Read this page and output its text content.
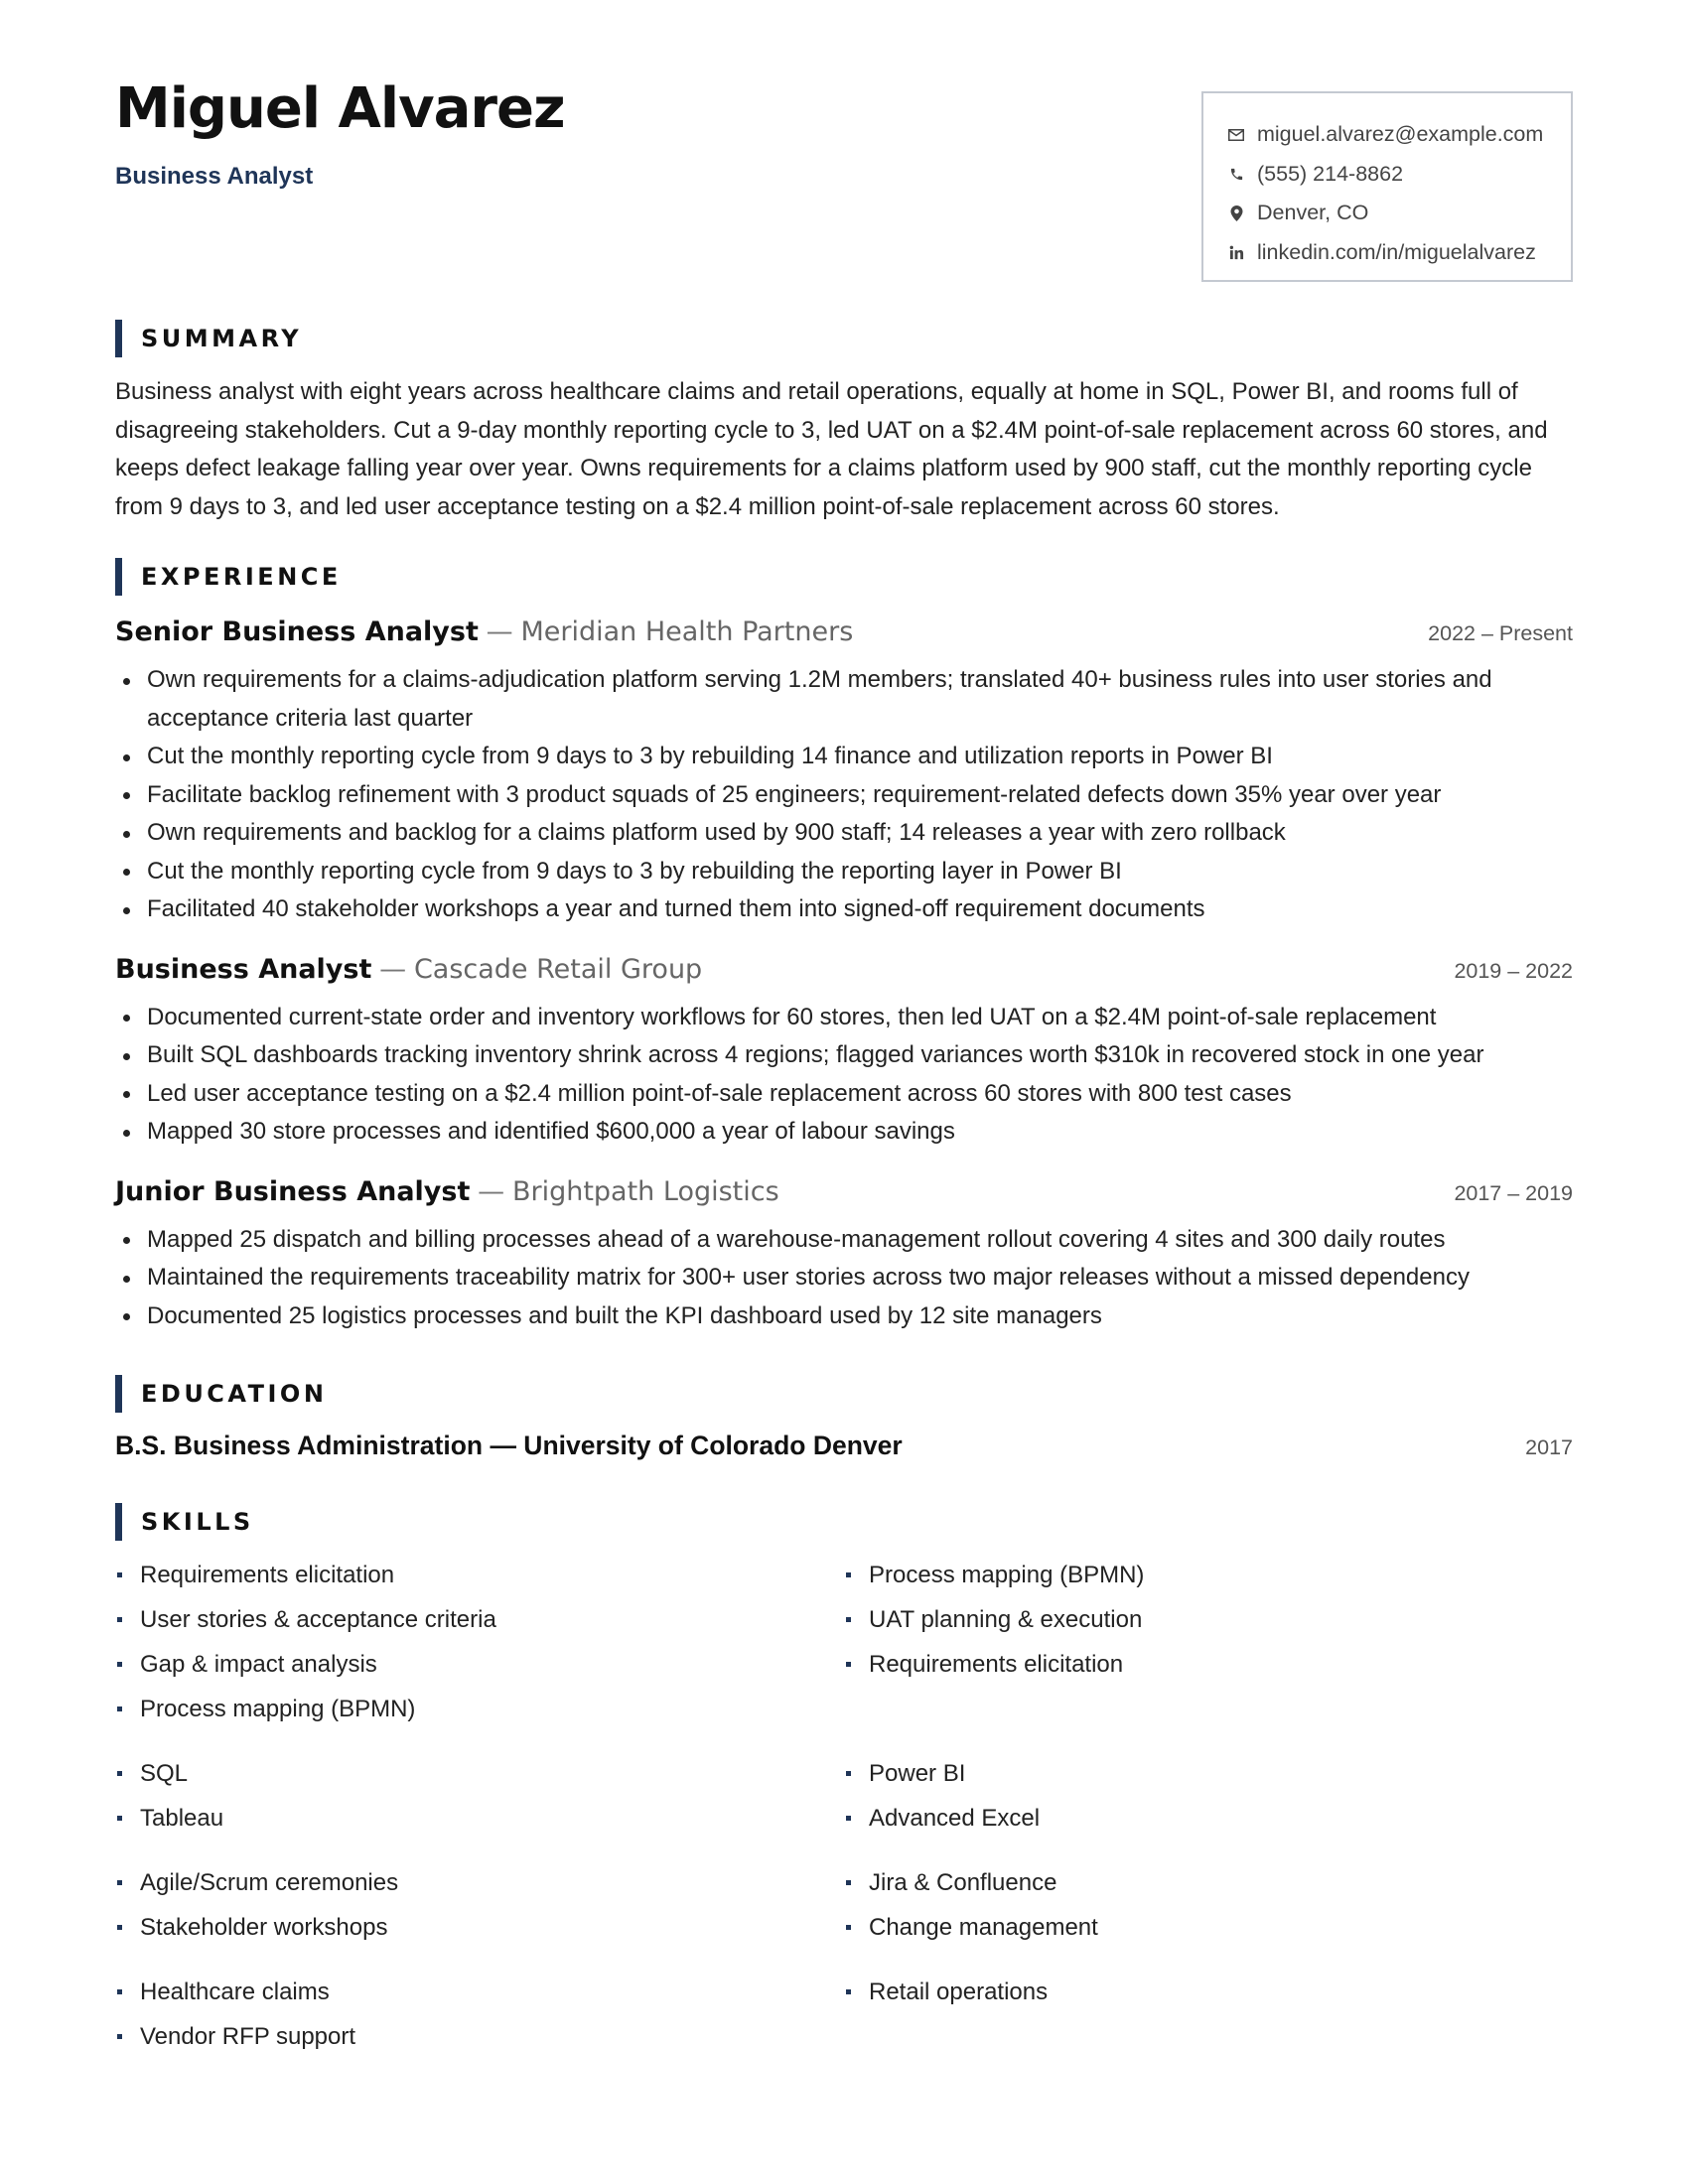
Miguel Alvarez
Business Analyst
miguel.alvarez@example.com
(555) 214-8862
Denver, CO
linkedin.com/in/miguelalvarez
SUMMARY

Business analyst with eight years across healthcare claims and retail operations, equally at home in SQL, Power BI, and rooms full of disagreeing stakeholders. Cut a 9-day monthly reporting cycle to 3, led UAT on a $2.4M point-of-sale replacement across 60 stores, and keeps defect leakage falling year over year. Owns requirements for a claims platform used by 900 staff, cut the monthly reporting cycle from 9 days to 3, and led user acceptance testing on a $2.4 million point-of-sale replacement across 60 stores.

EXPERIENCE
Senior Business Analyst — Meridian Health Partners	2022 – Present
Own requirements for a claims-adjudication platform serving 1.2M members; translated 40+ business rules into user stories and acceptance criteria last quarter
Cut the monthly reporting cycle from 9 days to 3 by rebuilding 14 finance and utilization reports in Power BI
Facilitate backlog refinement with 3 product squads of 25 engineers; requirement-related defects down 35% year over year
Own requirements and backlog for a claims platform used by 900 staff; 14 releases a year with zero rollback
Cut the monthly reporting cycle from 9 days to 3 by rebuilding the reporting layer in Power BI
Facilitated 40 stakeholder workshops a year and turned them into signed-off requirement documents
Business Analyst — Cascade Retail Group	2019 – 2022
Documented current-state order and inventory workflows for 60 stores, then led UAT on a $2.4M point-of-sale replacement
Built SQL dashboards tracking inventory shrink across 4 regions; flagged variances worth $310k in recovered stock in one year
Led user acceptance testing on a $2.4 million point-of-sale replacement across 60 stores with 800 test cases
Mapped 30 store processes and identified $600,000 a year of labour savings
Junior Business Analyst — Brightpath Logistics	2017 – 2019
Mapped 25 dispatch and billing processes ahead of a warehouse-management rollout covering 4 sites and 300 daily routes
Maintained the requirements traceability matrix for 300+ user stories across two major releases without a missed dependency
Documented 25 logistics processes and built the KPI dashboard used by 12 site managers
EDUCATION
B.S. Business Administration — University of Colorado Denver	2017
SKILLS
Requirements elicitation
User stories & acceptance criteria
Gap & impact analysis
Process mapping (BPMN)
Process mapping (BPMN)
UAT planning & execution
Requirements elicitation
SQL
Tableau
Power BI
Advanced Excel
Agile/Scrum ceremonies
Stakeholder workshops
Jira & Confluence
Change management
Healthcare claims
Vendor RFP support
Retail operations
